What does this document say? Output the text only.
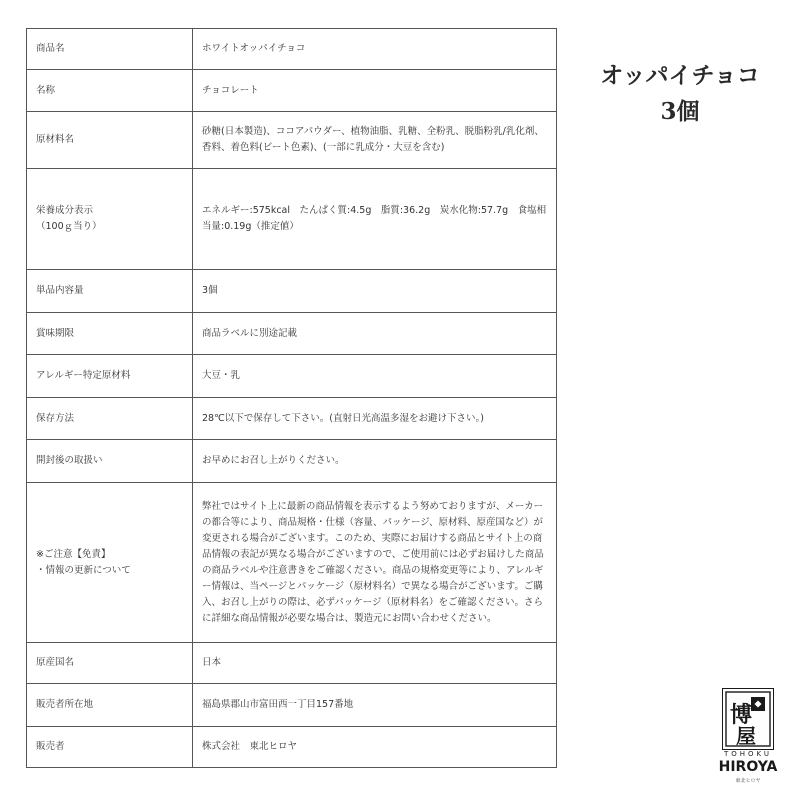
商品名	ホワイトオッパイチョコ
名称	チョコレート
原材料名	砂糖(日本製造)、ココアパウダー、植物油脂、乳糖、全粉乳、脱脂粉乳/乳化剤、香料、着色料(ビート色素)、(一部に乳成分・大豆を含む)
栄養成分表示
（100ｇ当り）	エネルギー:575kcal　たんぱく質:4.5g　脂質:36.2g　炭水化物:57.7g　食塩相当量:0.19g（推定値）
単品内容量	3個
賞味期限	商品ラベルに別途記載
アレルギー特定原材料	大豆・乳
保存方法	28℃以下で保存して下さい。(直射日光高温多湿をお避け下さい。)
開封後の取扱い	お早めにお召し上がりください。
※ご注意【免責】
・情報の更新について	弊社ではサイト上に最新の商品情報を表示するよう努めておりますが、メーカーの都合等により、商品規格・仕様（容量、パッケージ、原材料、原産国など）が変更される場合がございます。このため、実際にお届けする商品とサイト上の商品情報の表記が異なる場合がございますので、ご使用前には必ずお届けした商品の商品ラベルや注意書きをご確認ください。商品の規格変更等により、アレルギー情報は、当ページとパッケージ（原材料名）で異なる場合がございます。ご購入、お召し上がりの際は、必ずパッケージ（原材料名）をご確認ください。さらに詳細な商品情報が必要な場合は、製造元にお問い合わせください。
原産国名	日本
販売者所在地	福島県郡山市富田西一丁目157番地
販売者	株式会社　東北ヒロヤ
オッパイチョコ
3個
博
屋
TOHOKU
HIROYA
東北ヒロヤ
